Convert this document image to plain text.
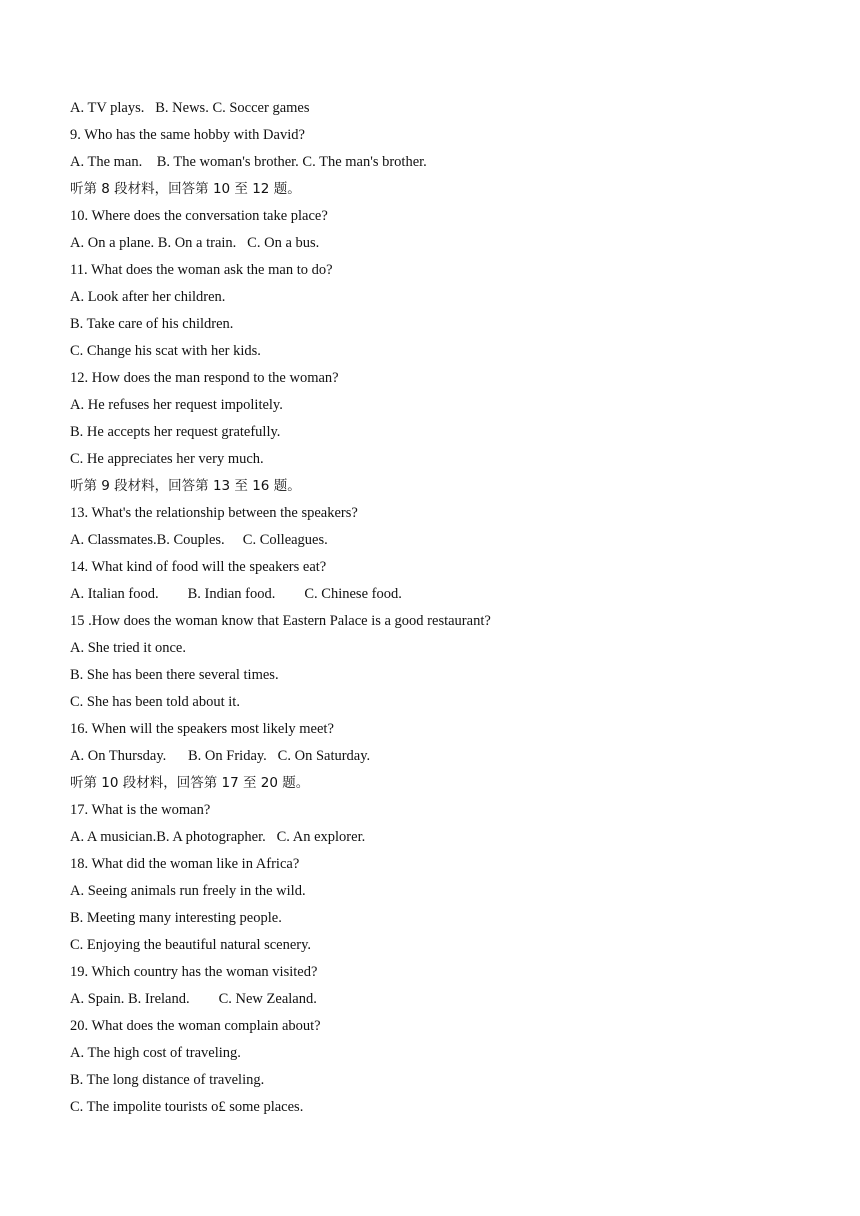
A. TV plays.   B. News. C. Soccer games
9. Who has the same hobby with David?
A. The man.    B. The woman's brother. C. The man's brother.
听第 8 段材料，回答第 10 至 12 题。
10. Where does the conversation take place?
A. On a plane. B. On a train.   C. On a bus.
11. What does the woman ask the man to do?
A. Look after her children.
B. Take care of his children.
C. Change his scat with her kids.
12. How does the man respond to the woman?
A. He refuses her request impolitely.
B. He accepts her request gratefully.
C. He appreciates her very much.
听第 9 段材料，回答第 13 至 16 题。
13. What's the relationship between the speakers?
A. Classmates.B. Couples.     C. Colleagues.
14. What kind of food will the speakers eat?
A. Italian food.        B. Indian food.        C. Chinese food.
15 .How does the woman know that Eastern Palace is a good restaurant?
A. She tried it once.
B. She has been there several times.
C. She has been told about it.
16. When will the speakers most likely meet?
A. On Thursday.      B. On Friday.   C. On Saturday.
听第 10 段材料，回答第 17 至 20 题。
17. What is the woman?
A. A musician.B. A photographer.   C. An explorer.
18. What did the woman like in Africa?
A. Seeing animals run freely in the wild.
B. Meeting many interesting people.
C. Enjoying the beautiful natural scenery.
19. Which country has the woman visited?
A. Spain. B. Ireland.        C. New Zealand.
20. What does the woman complain about?
A. The high cost of traveling.
B. The long distance of traveling.
C. The impolite tourists o£ some places.
